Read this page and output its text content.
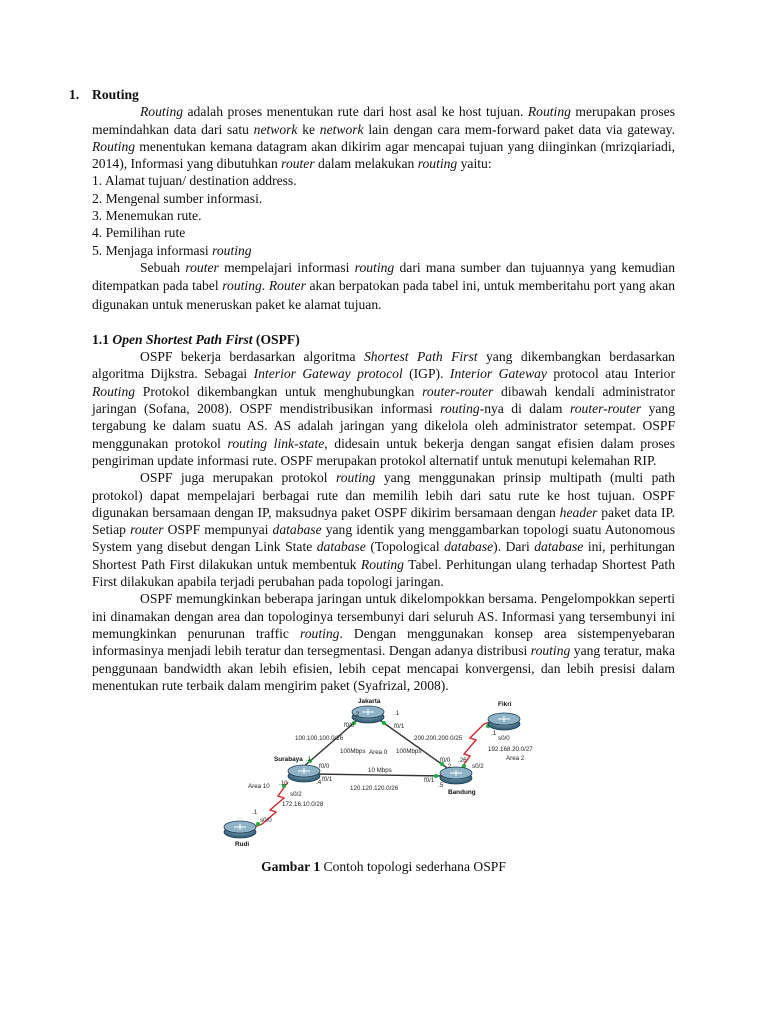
1. Routing

Routing adalah proses menentukan rute dari host asal ke host tujuan. Routing merupakan proses memindahkan data dari satu network ke network lain dengan cara mem-forward paket data via gateway. Routing menentukan kemana datagram akan dikirim agar mencapai tujuan yang diinginkan (mrizqiariadi, 2014), Informasi yang dibutuhkan router dalam melakukan routing yaitu:

1. Alamat tujuan/ destination address.
2. Mengenal sumber informasi.
3. Menemukan rute.
4. Pemilihan rute
5. Menjaga informasi routing

Sebuah router mempelajari informasi routing dari mana sumber dan tujuannya yang kemudian ditempatkan pada tabel routing. Router akan berpatokan pada tabel ini, untuk memberitahu port yang akan digunakan untuk meneruskan paket ke alamat tujuan.

1.1 Open Shortest Path First (OSPF)

OSPF bekerja berdasarkan algoritma Shortest Path First yang dikembangkan berdasarkan algoritma Dijkstra. Sebagai Interior Gateway protocol (IGP). Interior Gateway protocol atau Interior Routing Protokol dikembangkan untuk menghubungkan router-router dibawah kendali administrator jaringan (Sofana, 2008). OSPF mendistribusikan informasi routing-nya di dalam router-router yang tergabung ke dalam suatu AS. AS adalah jaringan yang dikelola oleh administrator setempat. OSPF menggunakan protokol routing link-state, didesain untuk bekerja dengan sangat efisien dalam proses pengiriman update informasi rute. OSPF merupakan protokol alternatif untuk menutupi kelemahan RIP.

OSPF juga merupakan protokol routing yang menggunakan prinsip multipath (multi path protokol) dapat mempelajari berbagai rute dan memilih lebih dari satu rute ke host tujuan. OSPF digunakan bersamaan dengan IP, maksudnya paket OSPF dikirim bersamaan dengan header paket data IP. Setiap router OSPF mempunyai database yang identik yang menggambarkan topologi suatu Autonomous System yang disebut dengan Link State database (Topological database). Dari database ini, perhitungan Shortest Path First dilakukan untuk membentuk Routing Tabel. Perhitungan ulang terhadap Shortest Path First dilakukan apabila terjadi perubahan pada topologi jaringan.

OSPF memungkinkan beberapa jaringan untuk dikelompokkan bersama. Pengelompokkan seperti ini dinamakan dengan area dan topologinya tersembunyi dari seluruh AS. Informasi yang tersembunyi ini memungkinkan penurunan traffic routing. Dengan menggunakan konsep area sistempenyebaran informasinya menjadi lebih teratur dan tersegmentasi. Dengan adanya distribusi routing yang teratur, maka penggunaan bandwidth akan lebih efisien, lebih cepat mencapai konvergensi, dan lebih presisi dalam menentukan rute terbaik dalam mengirim paket (Syafrizal, 2008).

Jakarta
Surabaya
Bandung
Fikri
Rudi
100.100.100.0/26	200.200.200.0/25
120.120.120.0/26
192.168.20.0/27
172.16.10.0/28
100Mbps	100Mbps
10 Mbps
Area 0
Area 10
Area 2
.2	.1
f0/0	f0/1
.1
f0/0
f0/1
.4
.10
s0/2
f0/0
.2
.26
s0/2
f0/1
.5
.1
s0/0
.1
s0/0

Gambar 1 Contoh topologi sederhana OSPF
